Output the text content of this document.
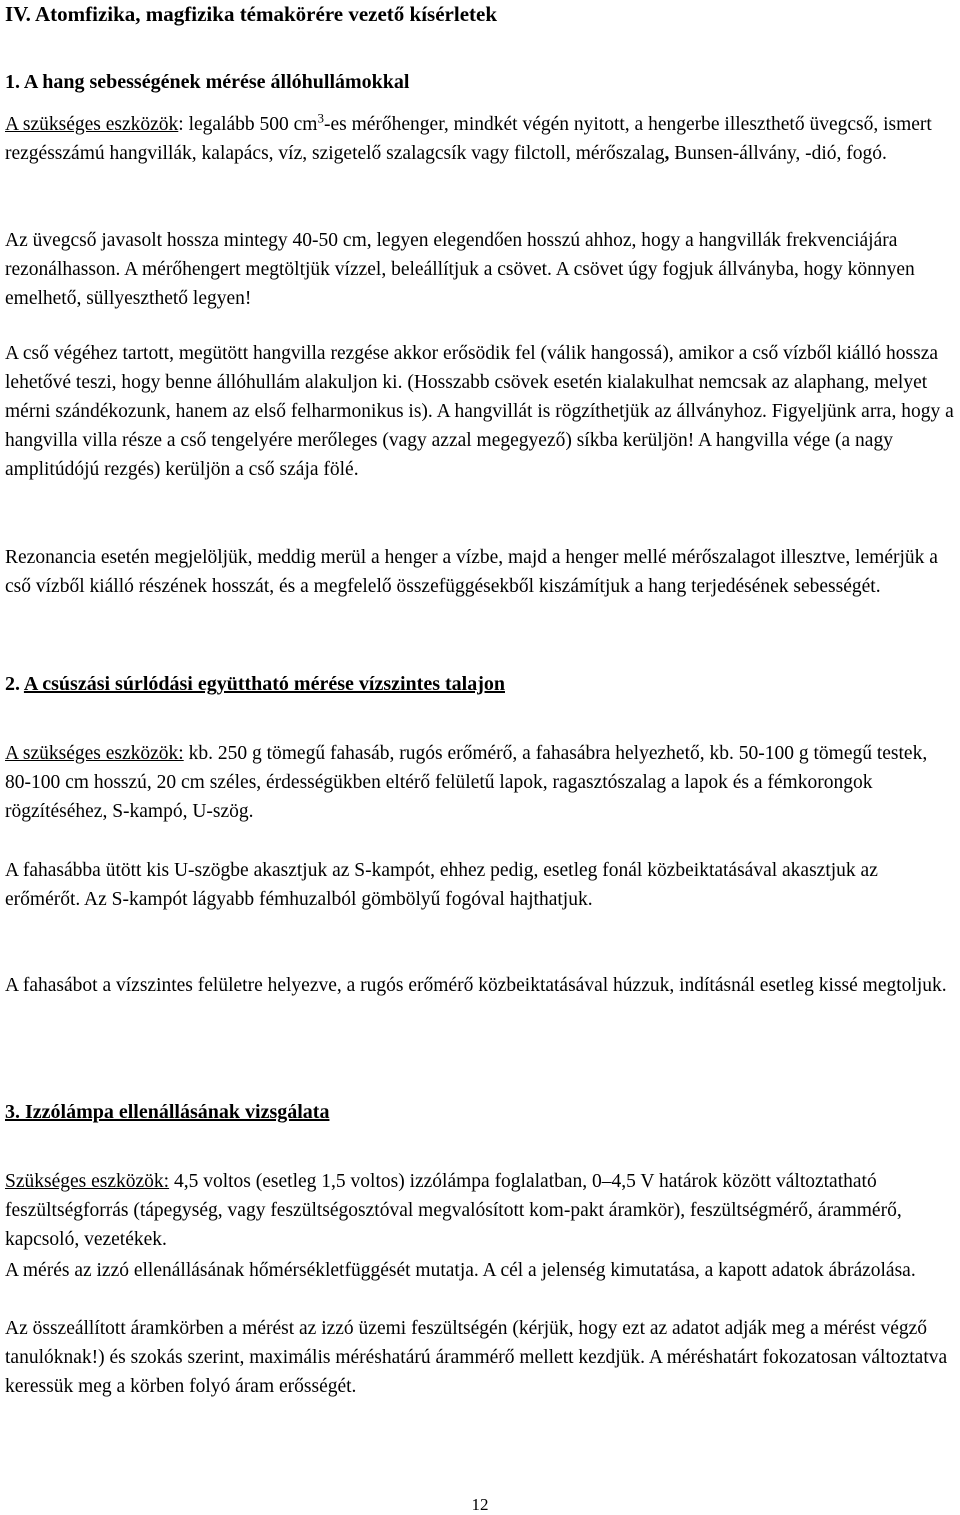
IV. Atomfizika, magfizika témakörére vezető kísérletek
1. A hang sebességének mérése állóhullámokkal

A szükséges eszközök: legalább 500 $cm^3-es$ mérőhenger, mindkét végén nyitott, a hengerbe illeszthető üvegcső, ismert rezgésszámú hangvillák, kalapács, víz, szigetelő szalagcsík vagy filctoll, mérőszalag, Bunsen-állvány, -dió, fogó.

Az üvegcső javasolt hossza mintegy 40-50 cm, legyen elegendően hosszú ahhoz, hogy a hangvillák frekvenciájára rezonálhasson. A mérőhengert megtöltjük vízzel, beleállítjuk a csövet. A csövet úgy fogjuk állványba, hogy könnyen emelhető, süllyeszthető legyen!

A cső végéhez tartott, megütött hangvilla rezgése akkor erősödik fel (válik hangossá), amikor a cső vízből kiálló hossza lehetővé teszi, hogy benne állóhullám alakuljon ki. (Hosszabb csövek esetén kialakulhat nemcsak az alaphang, melyet mérni szándékozunk, hanem az első felharmonikus is). A hangvillát is rögzíthetjük az állványhoz. Figyeljünk arra, hogy a hangvilla villa része a cső tengelyére merőleges (vagy azzal megegyező) síkba kerüljön! A hangvilla vége (a nagy amplitúdójú rezgés) kerüljön a cső szája fölé.

Rezonancia esetén megjelöljük, meddig merül a henger a vízbe, majd a henger mellé mérőszalagot illesztve, lemérjük a cső vízből kiálló részének hosszát, és a megfelelő összefüggésekből kiszámítjuk a hang terjedésének sebességét.

2. A csúszási súrlódási együttható mérése vízszintes talajon

A szükséges eszközök: kb. 250 g tömegű fahasáb, rugós erőmérő, a fahasábra helyezhető, kb. 50-100 g tömegű testek, 80-100 cm hosszú, 20 cm széles, érdességükben eltérő felületű lapok, ragasztószalag a lapok és a fémkorongok rögzítéséhez, S-kampó, U-szög.

A fahasábba ütött kis U-szögbe akasztjuk az S-kampót, ehhez pedig, esetleg fonál közbeiktatásával akasztjuk az erőmérőt. Az S-kampót lágyabb fémhuzalból gömbölyű fogóval hajthatjuk.

A fahasábot a vízszintes felületre helyezve, a rugós erőmérő közbeiktatásával húzzuk, indításnál esetleg kissé megtoljuk.

3. Izzólámpa ellenállásának vizsgálata

Szükséges eszközök: 4,5 voltos (esetleg 1,5 voltos) izzólámpa foglalatban, 0–4,5 V határok között változtatható feszültségforrás (tápegység, vagy feszültségosztóval megvalósított kom-pakt áramkör), feszültségmérő, árammérő, kapcsoló, vezetékek.

A mérés az izzó ellenállásának hőmérsékletfüggését mutatja. A cél a jelenség kimutatása, a kapott adatok ábrázolása.

Az összeállított áramkörben a mérést az izzó üzemi feszültségén (kérjük, hogy ezt az adatot adják meg a mérést végző tanulóknak!) és szokás szerint, maximális méréshatárú árammérő mellett kezdjük. A méréshatárt fokozatosan változtatva keressük meg a körben folyó áram erősségét.

12
